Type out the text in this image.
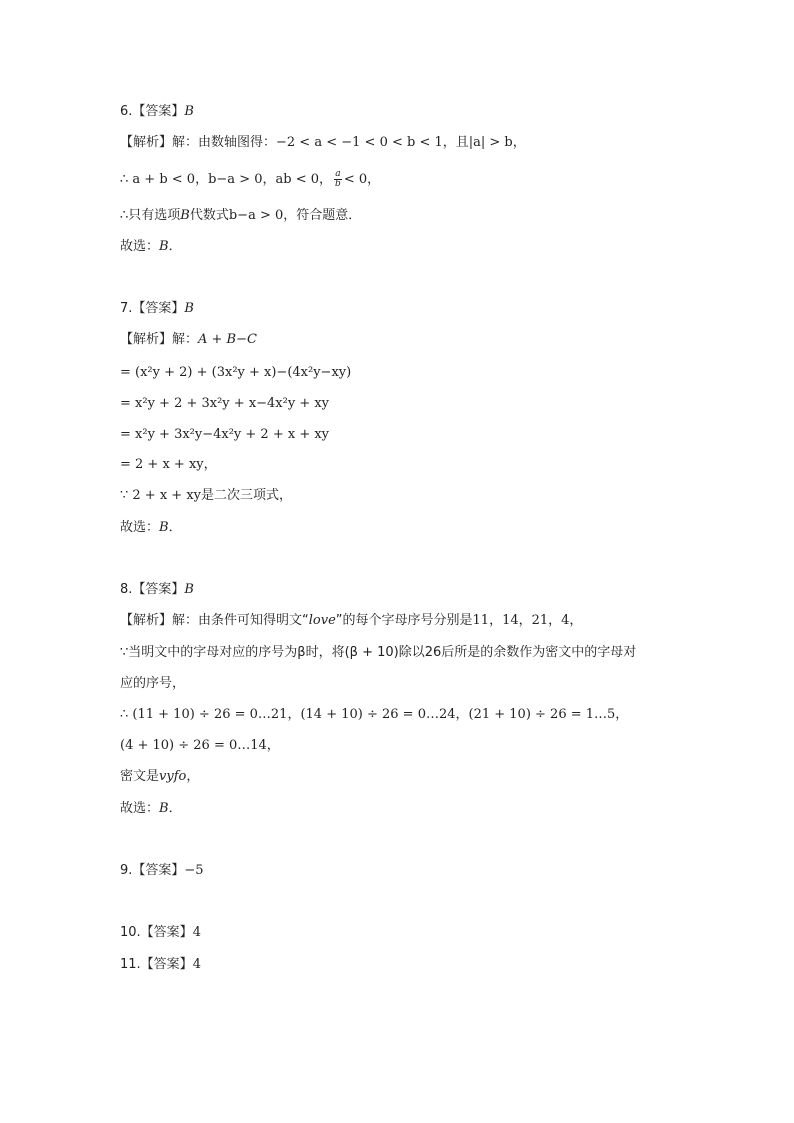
6.【答案】B
【解析】解：由数轴图得：−2 < a < −1 < 0 < b < 1，且|a| > b，
∴ a + b < 0，b−a > 0，ab < 0， $\frac{a}{b} < 0$，
∴只有选项B代数式b−a > 0，符合题意．
故选：B．
7.【答案】B
【解析】解：A + B−C
= (x²y + 2) + (3x²y + x)−(4x²y−xy)
= x²y + 2 + 3x²y + x−4x²y + xy
= x²y + 3x²y−4x²y + 2 + x + xy
= 2 + x + xy，
∵ 2 + x + xy是二次三项式，
故选：B．
8.【答案】B
【解析】解：由条件可知得明文“love”的每个字母序号分别是11，14，21，4，
∵当明文中的字母对应的序号为β时，将(β + 10)除以26后所是的余数作为密文中的字母对
应的序号，
∴ (11 + 10) ÷ 26 = 0…21，(14 + 10) ÷ 26 = 0…24，(21 + 10) ÷ 26 = 1…5，
(4 + 10) ÷ 26 = 0…14，
密文是vyfo，
故选：B．
9.【答案】−5
10.【答案】4
11.【答案】4
